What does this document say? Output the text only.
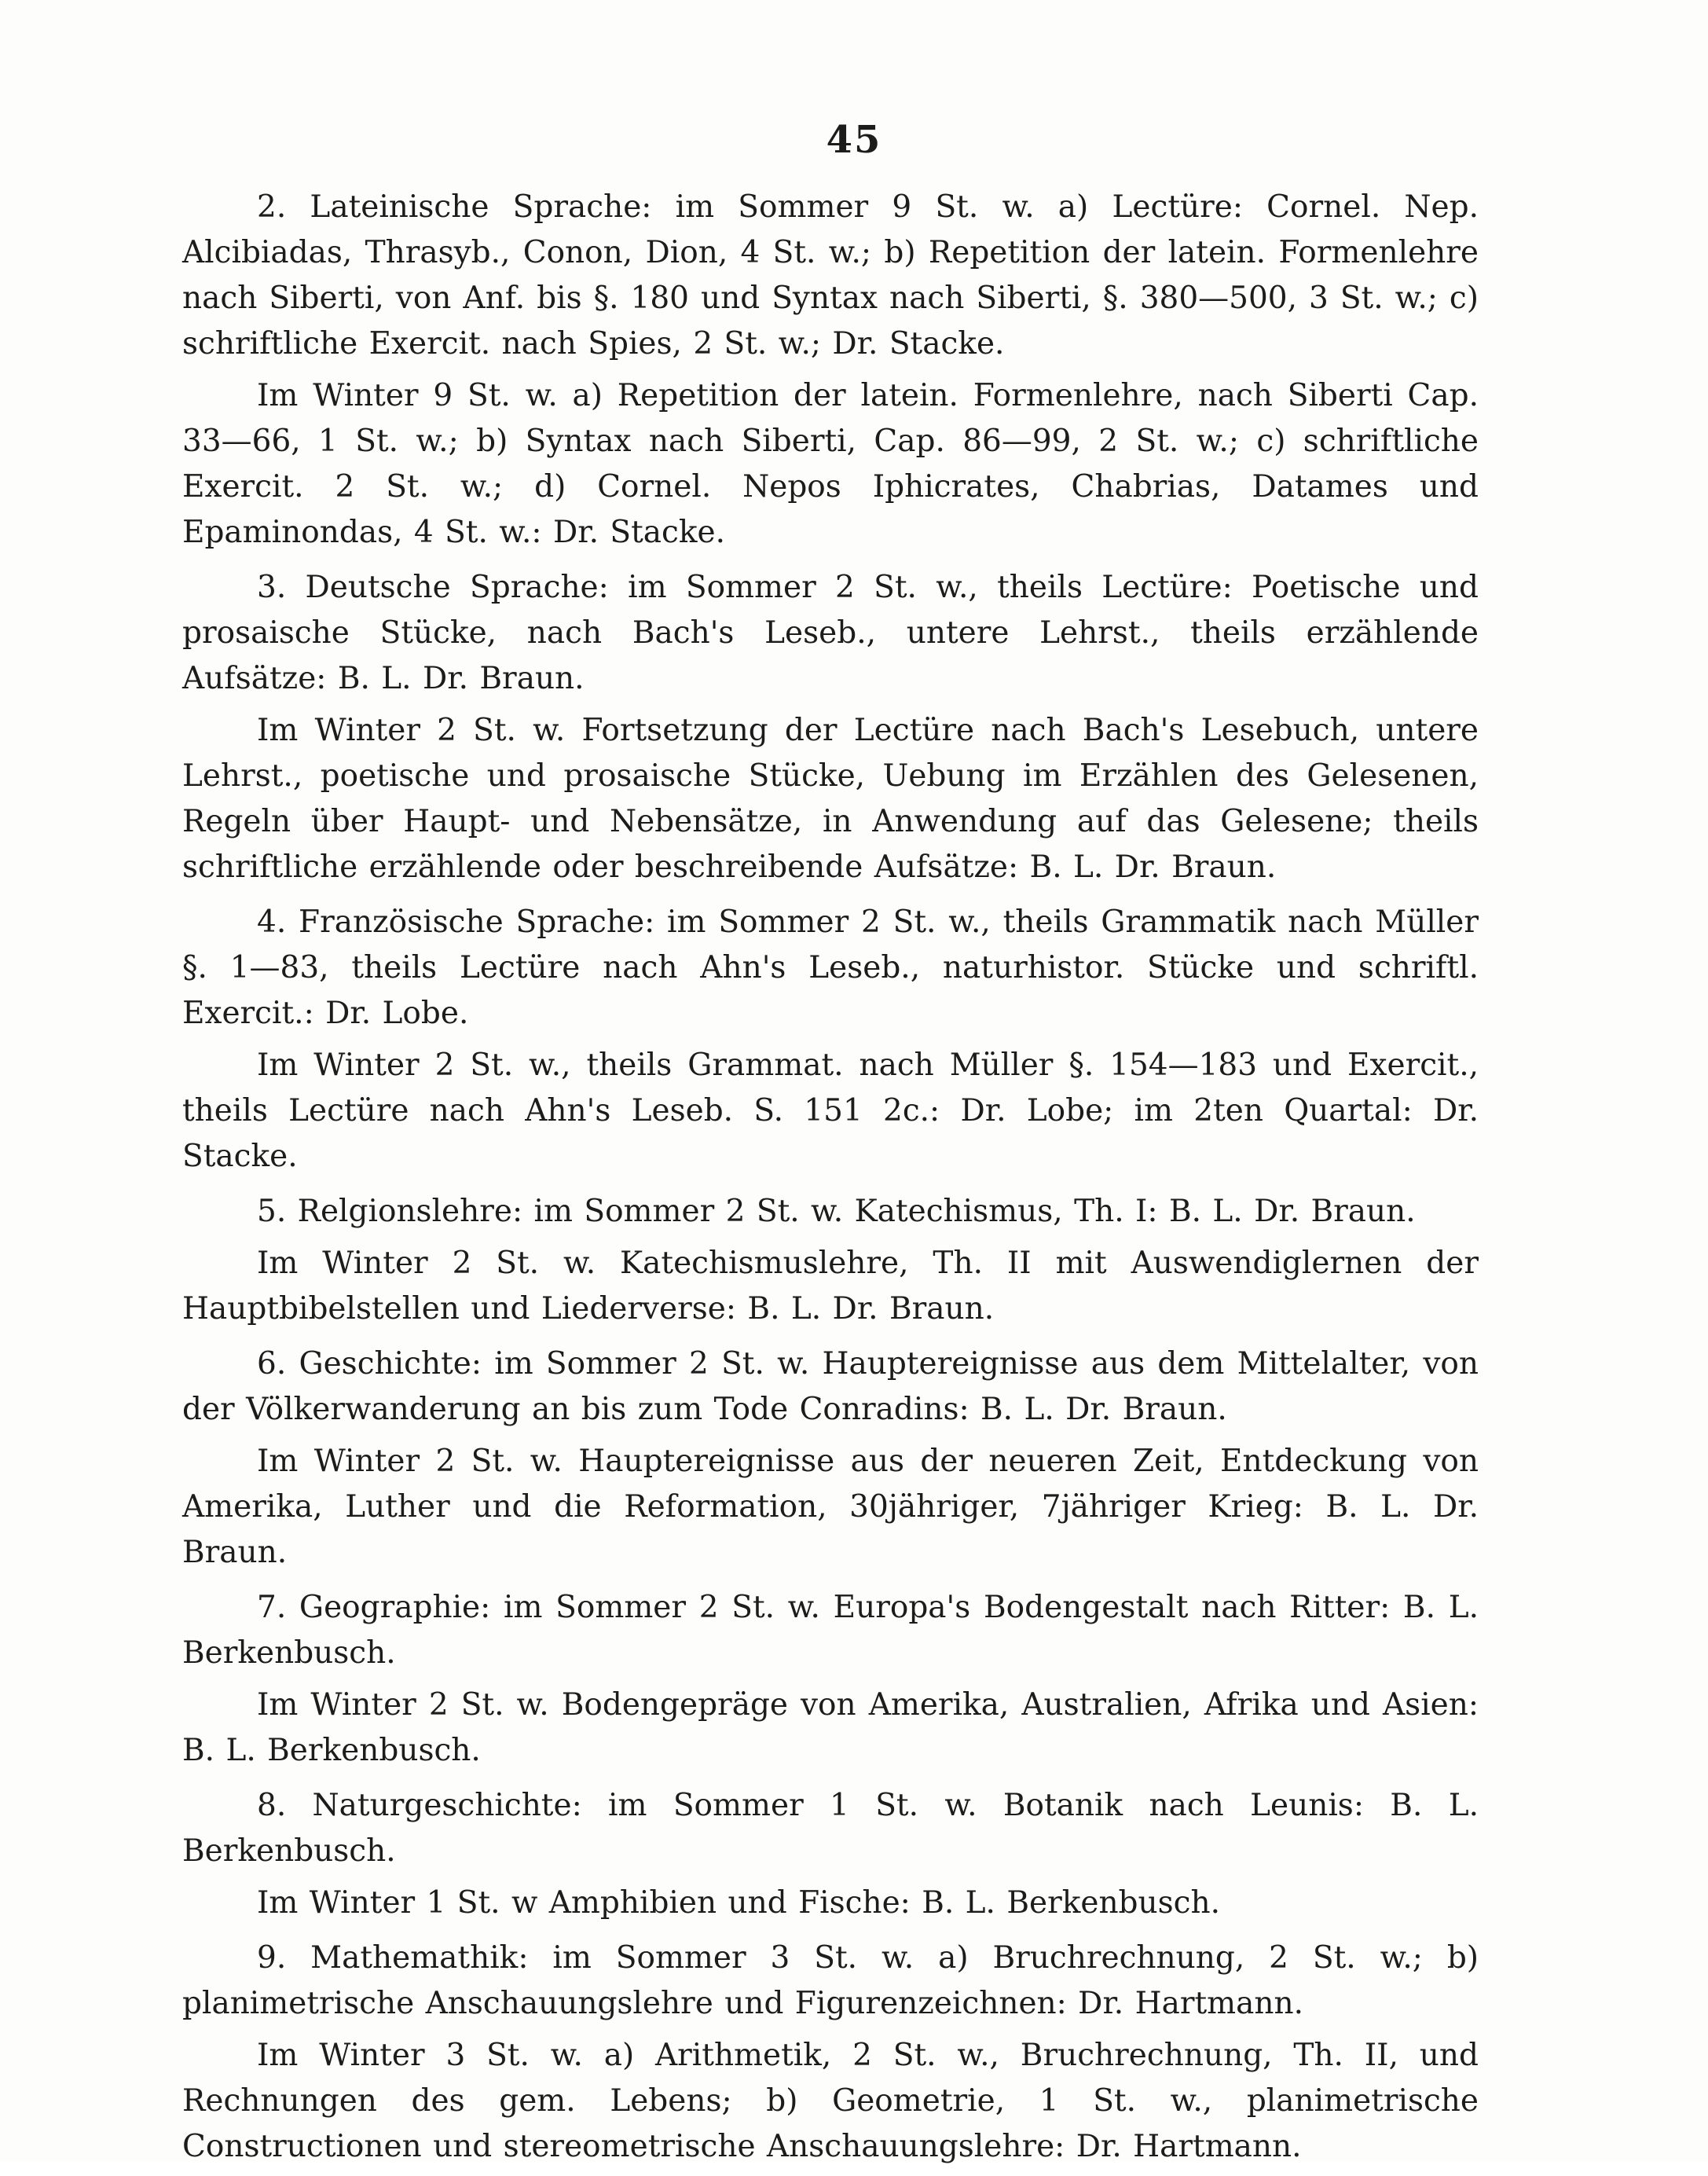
45

2. Lateinische Sprache: im Sommer 9 St. w. a) Lectüre: Cornel. Nep. Alcibiadas, Thrasyb., Conon, Dion, 4 St. w.; b) Repetition der latein. Formenlehre nach Siberti, von Anf. bis §. 180 und Syntax nach Siberti, §. 380—500, 3 St. w.; c) schriftliche Exercit. nach Spies, 2 St. w.; Dr. Stacke.

Im Winter 9 St. w. a) Repetition der latein. Formenlehre, nach Siberti Cap. 33—66, 1 St. w.; b) Syntax nach Siberti, Cap. 86—99, 2 St. w.; c) schriftliche Exercit. 2 St. w.; d) Cornel. Nepos Iphicrates, Chabrias, Datames und Epaminondas, 4 St. w.: Dr. Stacke.

3. Deutsche Sprache: im Sommer 2 St. w., theils Lectüre: Poetische und prosaische Stücke, nach Bach's Leseb., untere Lehrst., theils erzählende Aufsätze: B. L. Dr. Braun.

Im Winter 2 St. w. Fortsetzung der Lectüre nach Bach's Lesebuch, untere Lehrst., poetische und prosaische Stücke, Uebung im Erzählen des Gelesenen, Regeln über Haupt- und Nebensätze, in Anwendung auf das Gelesene; theils schriftliche erzählende oder beschreibende Aufsätze: B. L. Dr. Braun.

4. Französische Sprache: im Sommer 2 St. w., theils Grammatik nach Müller §. 1—83, theils Lectüre nach Ahn's Leseb., naturhistor. Stücke und schriftl. Exercit.: Dr. Lobe.

Im Winter 2 St. w., theils Grammat. nach Müller §. 154—183 und Exercit., theils Lectüre nach Ahn's Leseb. S. 151 2c.: Dr. Lobe; im 2ten Quartal: Dr. Stacke.

5. Relgionslehre: im Sommer 2 St. w. Katechismus, Th. I: B. L. Dr. Braun.

Im Winter 2 St. w. Katechismuslehre, Th. II mit Auswendiglernen der Hauptbibelstellen und Liederverse: B. L. Dr. Braun.

6. Geschichte: im Sommer 2 St. w. Hauptereignisse aus dem Mittelalter, von der Völkerwanderung an bis zum Tode Conradins: B. L. Dr. Braun.

Im Winter 2 St. w. Hauptereignisse aus der neueren Zeit, Entdeckung von Amerika, Luther und die Reformation, 30jähriger, 7jähriger Krieg: B. L. Dr. Braun.

7. Geographie: im Sommer 2 St. w. Europa's Bodengestalt nach Ritter: B. L. Berkenbusch.

Im Winter 2 St. w. Bodengepräge von Amerika, Australien, Afrika und Asien: B. L. Berkenbusch.

8. Naturgeschichte: im Sommer 1 St. w. Botanik nach Leunis: B. L. Berkenbusch.

Im Winter 1 St. w Amphibien und Fische: B. L. Berkenbusch.

9. Mathemathik: im Sommer 3 St. w. a) Bruchrechnung, 2 St. w.; b) planimetrische Anschauungslehre und Figurenzeichnen: Dr. Hartmann.

Im Winter 3 St. w. a) Arithmetik, 2 St. w., Bruchrechnung, Th. II, und Rechnungen des gem. Lebens; b) Geometrie, 1 St. w., planimetrische Constructionen und stereometrische Anschauungslehre: Dr. Hartmann.
